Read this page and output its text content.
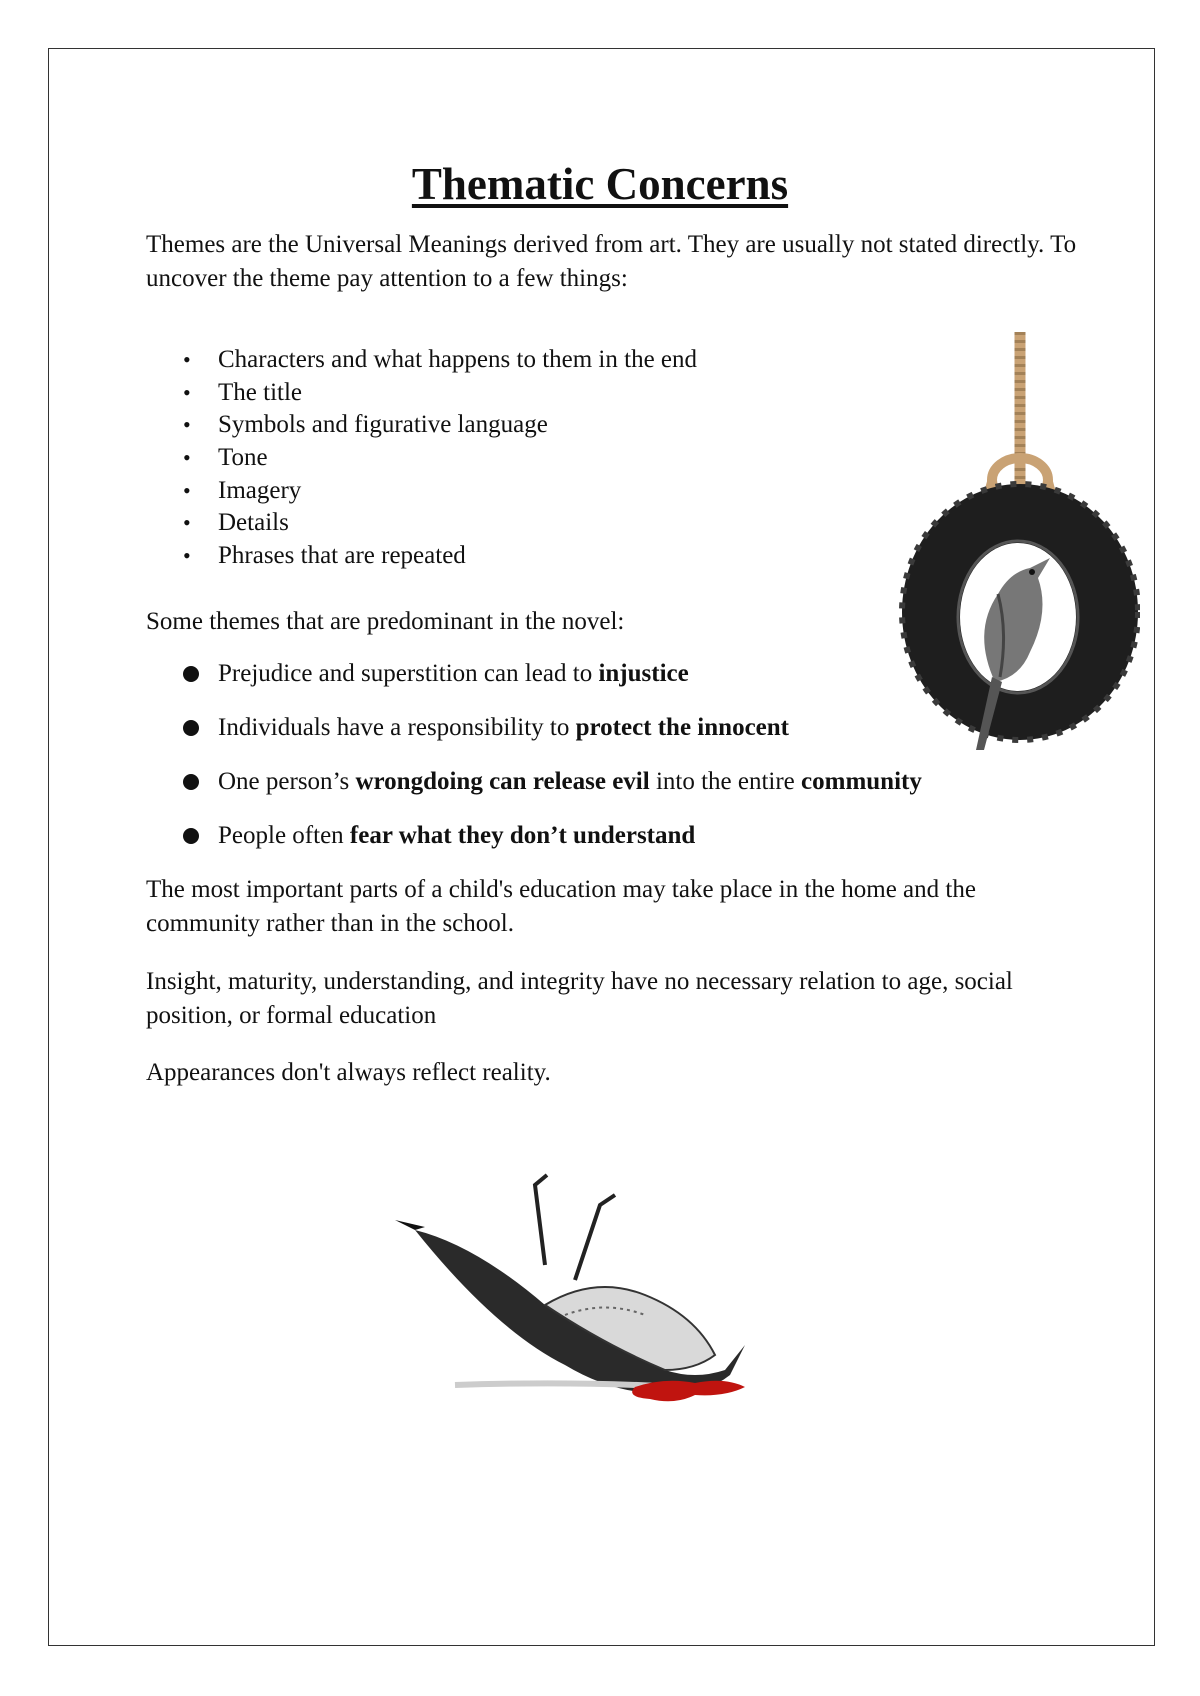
Thematic Concerns

Themes are the Universal Meanings derived from art. They are usually not stated directly. To uncover the theme pay attention to a few things:

• Characters and what happens to them in the end
• The title
• Symbols and figurative language
• Tone
• Imagery
• Details
• Phrases that are repeated

Some themes that are predominant in the novel:

Prejudice and superstition can lead to injustice
Individuals have a responsibility to protect the innocent
One person’s wrongdoing can release evil into the entire community
People often fear what they don’t understand

The most important parts of a child's education may take place in the home and the community rather than in the school.

Insight, maturity, understanding, and integrity have no necessary relation to age, social position, or formal education

Appearances don't always reflect reality.
